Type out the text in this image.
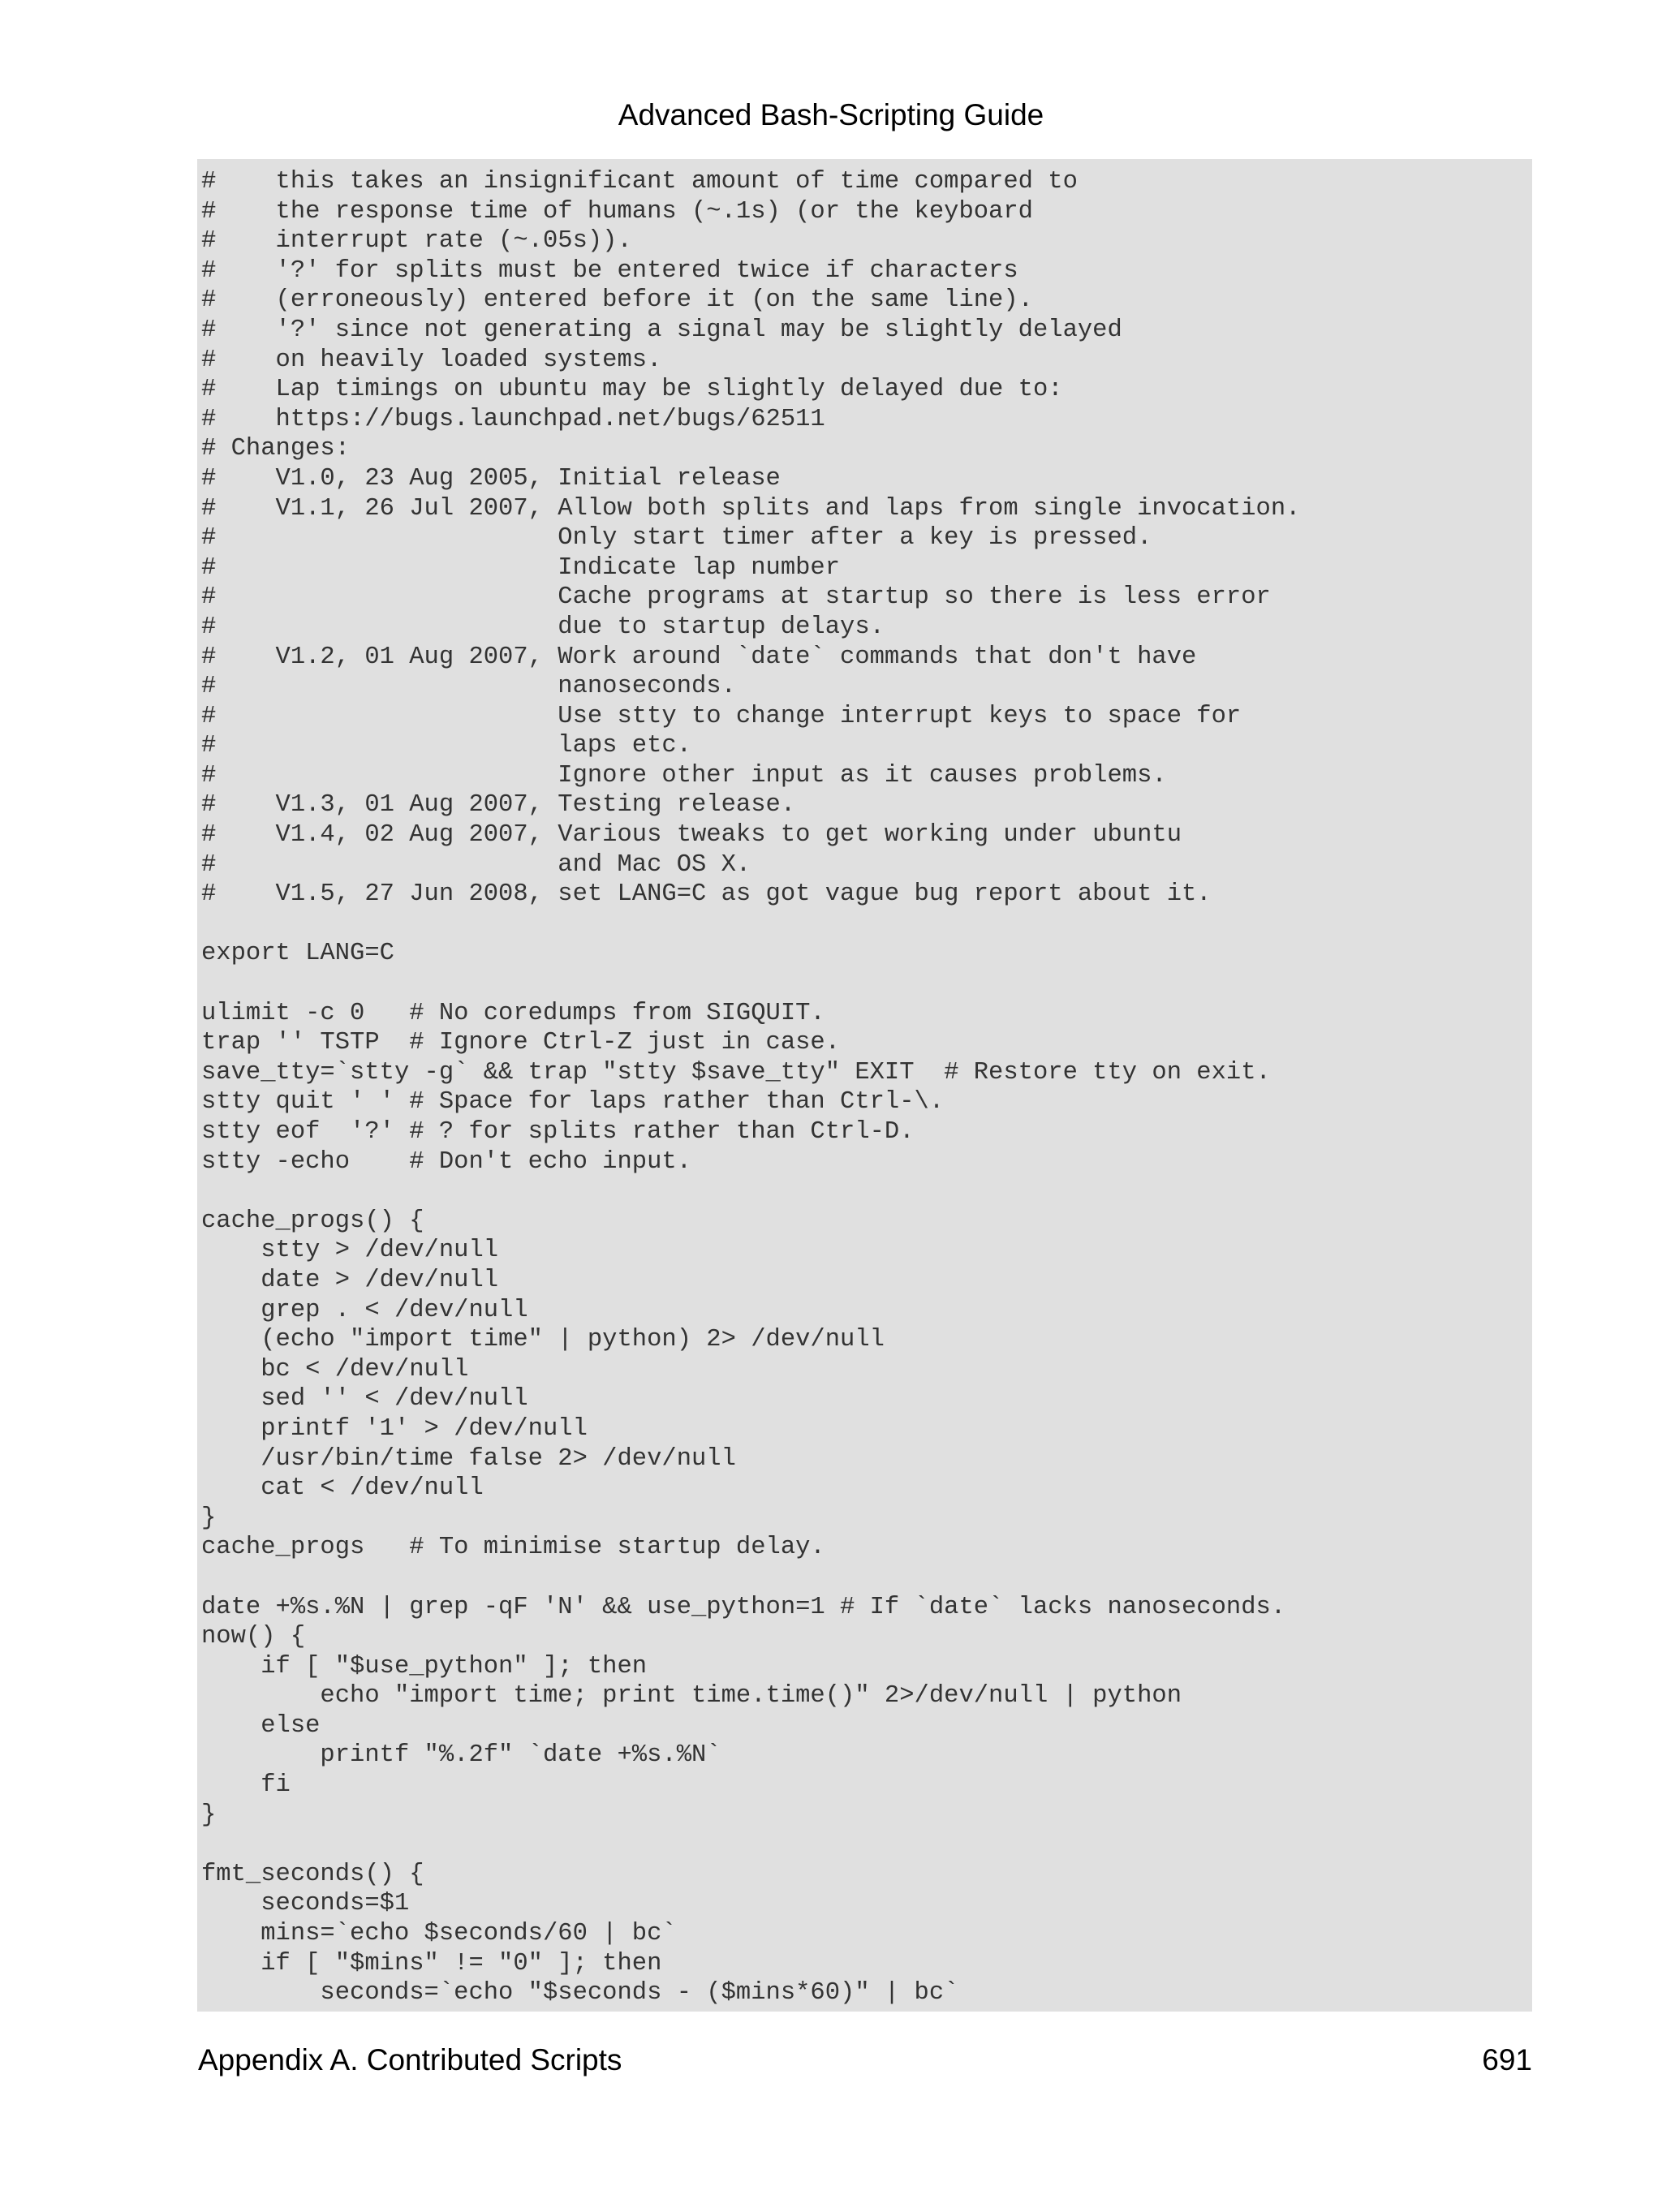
Advanced Bash-Scripting Guide
#    this takes an insignificant amount of time compared to
#    the response time of humans (~.1s) (or the keyboard
#    interrupt rate (~.05s)).
#    '?' for splits must be entered twice if characters
#    (erroneously) entered before it (on the same line).
#    '?' since not generating a signal may be slightly delayed
#    on heavily loaded systems.
#    Lap timings on ubuntu may be slightly delayed due to:
#    https://bugs.launchpad.net/bugs/62511
# Changes:
#    V1.0, 23 Aug 2005, Initial release
#    V1.1, 26 Jul 2007, Allow both splits and laps from single invocation.
#                       Only start timer after a key is pressed.
#                       Indicate lap number
#                       Cache programs at startup so there is less error
#                       due to startup delays.
#    V1.2, 01 Aug 2007, Work around `date` commands that don't have
#                       nanoseconds.
#                       Use stty to change interrupt keys to space for
#                       laps etc.
#                       Ignore other input as it causes problems.
#    V1.3, 01 Aug 2007, Testing release.
#    V1.4, 02 Aug 2007, Various tweaks to get working under ubuntu
#                       and Mac OS X.
#    V1.5, 27 Jun 2008, set LANG=C as got vague bug report about it.
export LANG=C
ulimit -c 0   # No coredumps from SIGQUIT.
trap '' TSTP  # Ignore Ctrl-Z just in case.
save_tty=`stty -g` && trap "stty $save_tty" EXIT  # Restore tty on exit.
stty quit ' ' # Space for laps rather than Ctrl-\.
stty eof  '?' # ? for splits rather than Ctrl-D.
stty -echo    # Don't echo input.
cache_progs() {
stty > /dev/null
date > /dev/null
grep . < /dev/null
(echo "import time" | python) 2> /dev/null
bc < /dev/null
sed '' < /dev/null
printf '1' > /dev/null
/usr/bin/time false 2> /dev/null
cat < /dev/null
}
cache_progs   # To minimise startup delay.
date +%s.%N | grep -qF 'N' && use_python=1 # If `date` lacks nanoseconds.
now() {
if [ "$use_python" ]; then
echo "import time; print time.time()" 2>/dev/null | python
else
printf "%.2f" `date +%s.%N`
fi
}
fmt_seconds() {
seconds=$1
mins=`echo $seconds/60 | bc`
if [ "$mins" != "0" ]; then
seconds=`echo "$seconds - ($mins*60)" | bc`
Appendix A. Contributed Scripts	691
